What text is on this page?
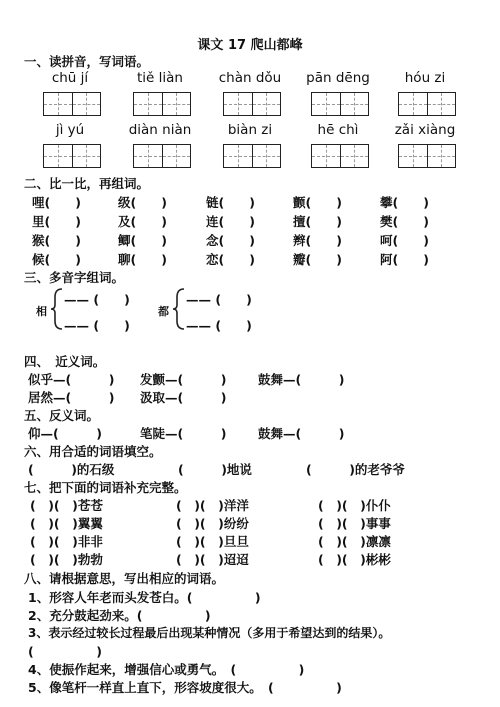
课文 17 爬山都峰
一、读拼音，写词语。
chū jí	tiě liàn	chàn dǒu	pān dēng	hóu zi
jì yú	diàn niàn	biàn zi	hē chì	zǎi xiàng
二、比一比，再组词。
哩(　　)	级(　　)	链(　　)	颤(　　)	攀(　　)
里(　　)	及(　　)	连(　　)	擅(　　)	樊(　　)
猴(　　)	鲫(　　)	念(　　)	辫(　　)	呵(　　)
候(　　)	聊(　　)	恋(　　)	瓣(　　)	阿(　　)
三、多音字组词。
相
—— (　　)
—— (　　)
都
—— (　　)
—— (　　)
四、　近义词。
似乎—(　　　) 发颤—(　　　)	鼓舞—(　　　)
居然—(　　　) 汲取—(　　　)
五、反义词。
仰—(　　　)	笔陡—(　　　)	鼓舞—(　　　)
六、用合适的词语填空。
(　　　)的石级	(　　　)地说	(　　　)的老爷爷
七、把下面的词语补充完整。
(　)(　)苍苍	(　)(　)洋洋	(　)(　)仆仆
(　)(　)翼翼	(　)(　)纷纷	(　)(　)事事
(　)(　)非非	(　)(　)旦旦	(　)(　)凛凛
(　)(　)勃勃	(　)(　)迢迢	(　)(　)彬彬
八、请根据意思，写出相应的词语。
1、形容人年老而头发苍白。(　　　　　)
2、充分鼓起劲来。(　　　　　)
3、表示经过较长过程最后出现某种情况（多用于希望达到的结果）。
(　　　　　)
4、使振作起来，增强信心或勇气。　(　　　　　)
5、像笔杆一样直上直下，形容坡度很大。　(　　　　　)
